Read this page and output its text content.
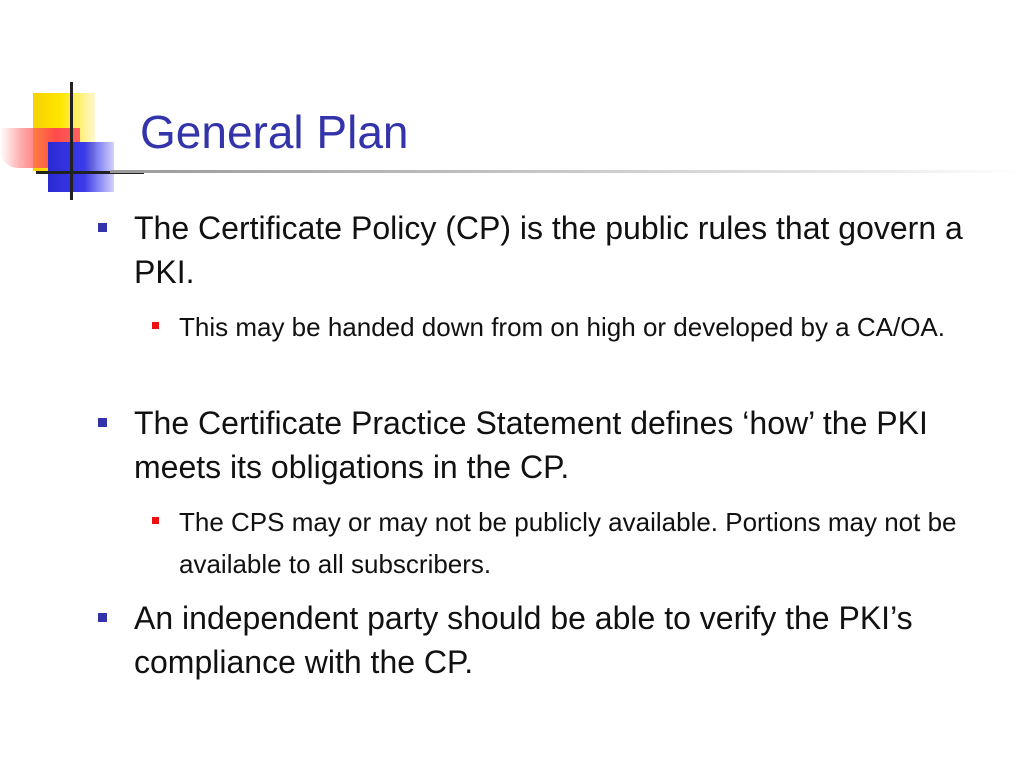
General Plan
The Certificate Policy (CP) is the public rules that govern a PKI.
This may be handed down from on high or developed by a CA/OA.
The Certificate Practice Statement defines ‘how’ the PKI meets its obligations in the CP.
The CPS may or may not be publicly available. Portions may not be available to all subscribers.
An independent party should be able to verify the PKI’s compliance with the CP.
